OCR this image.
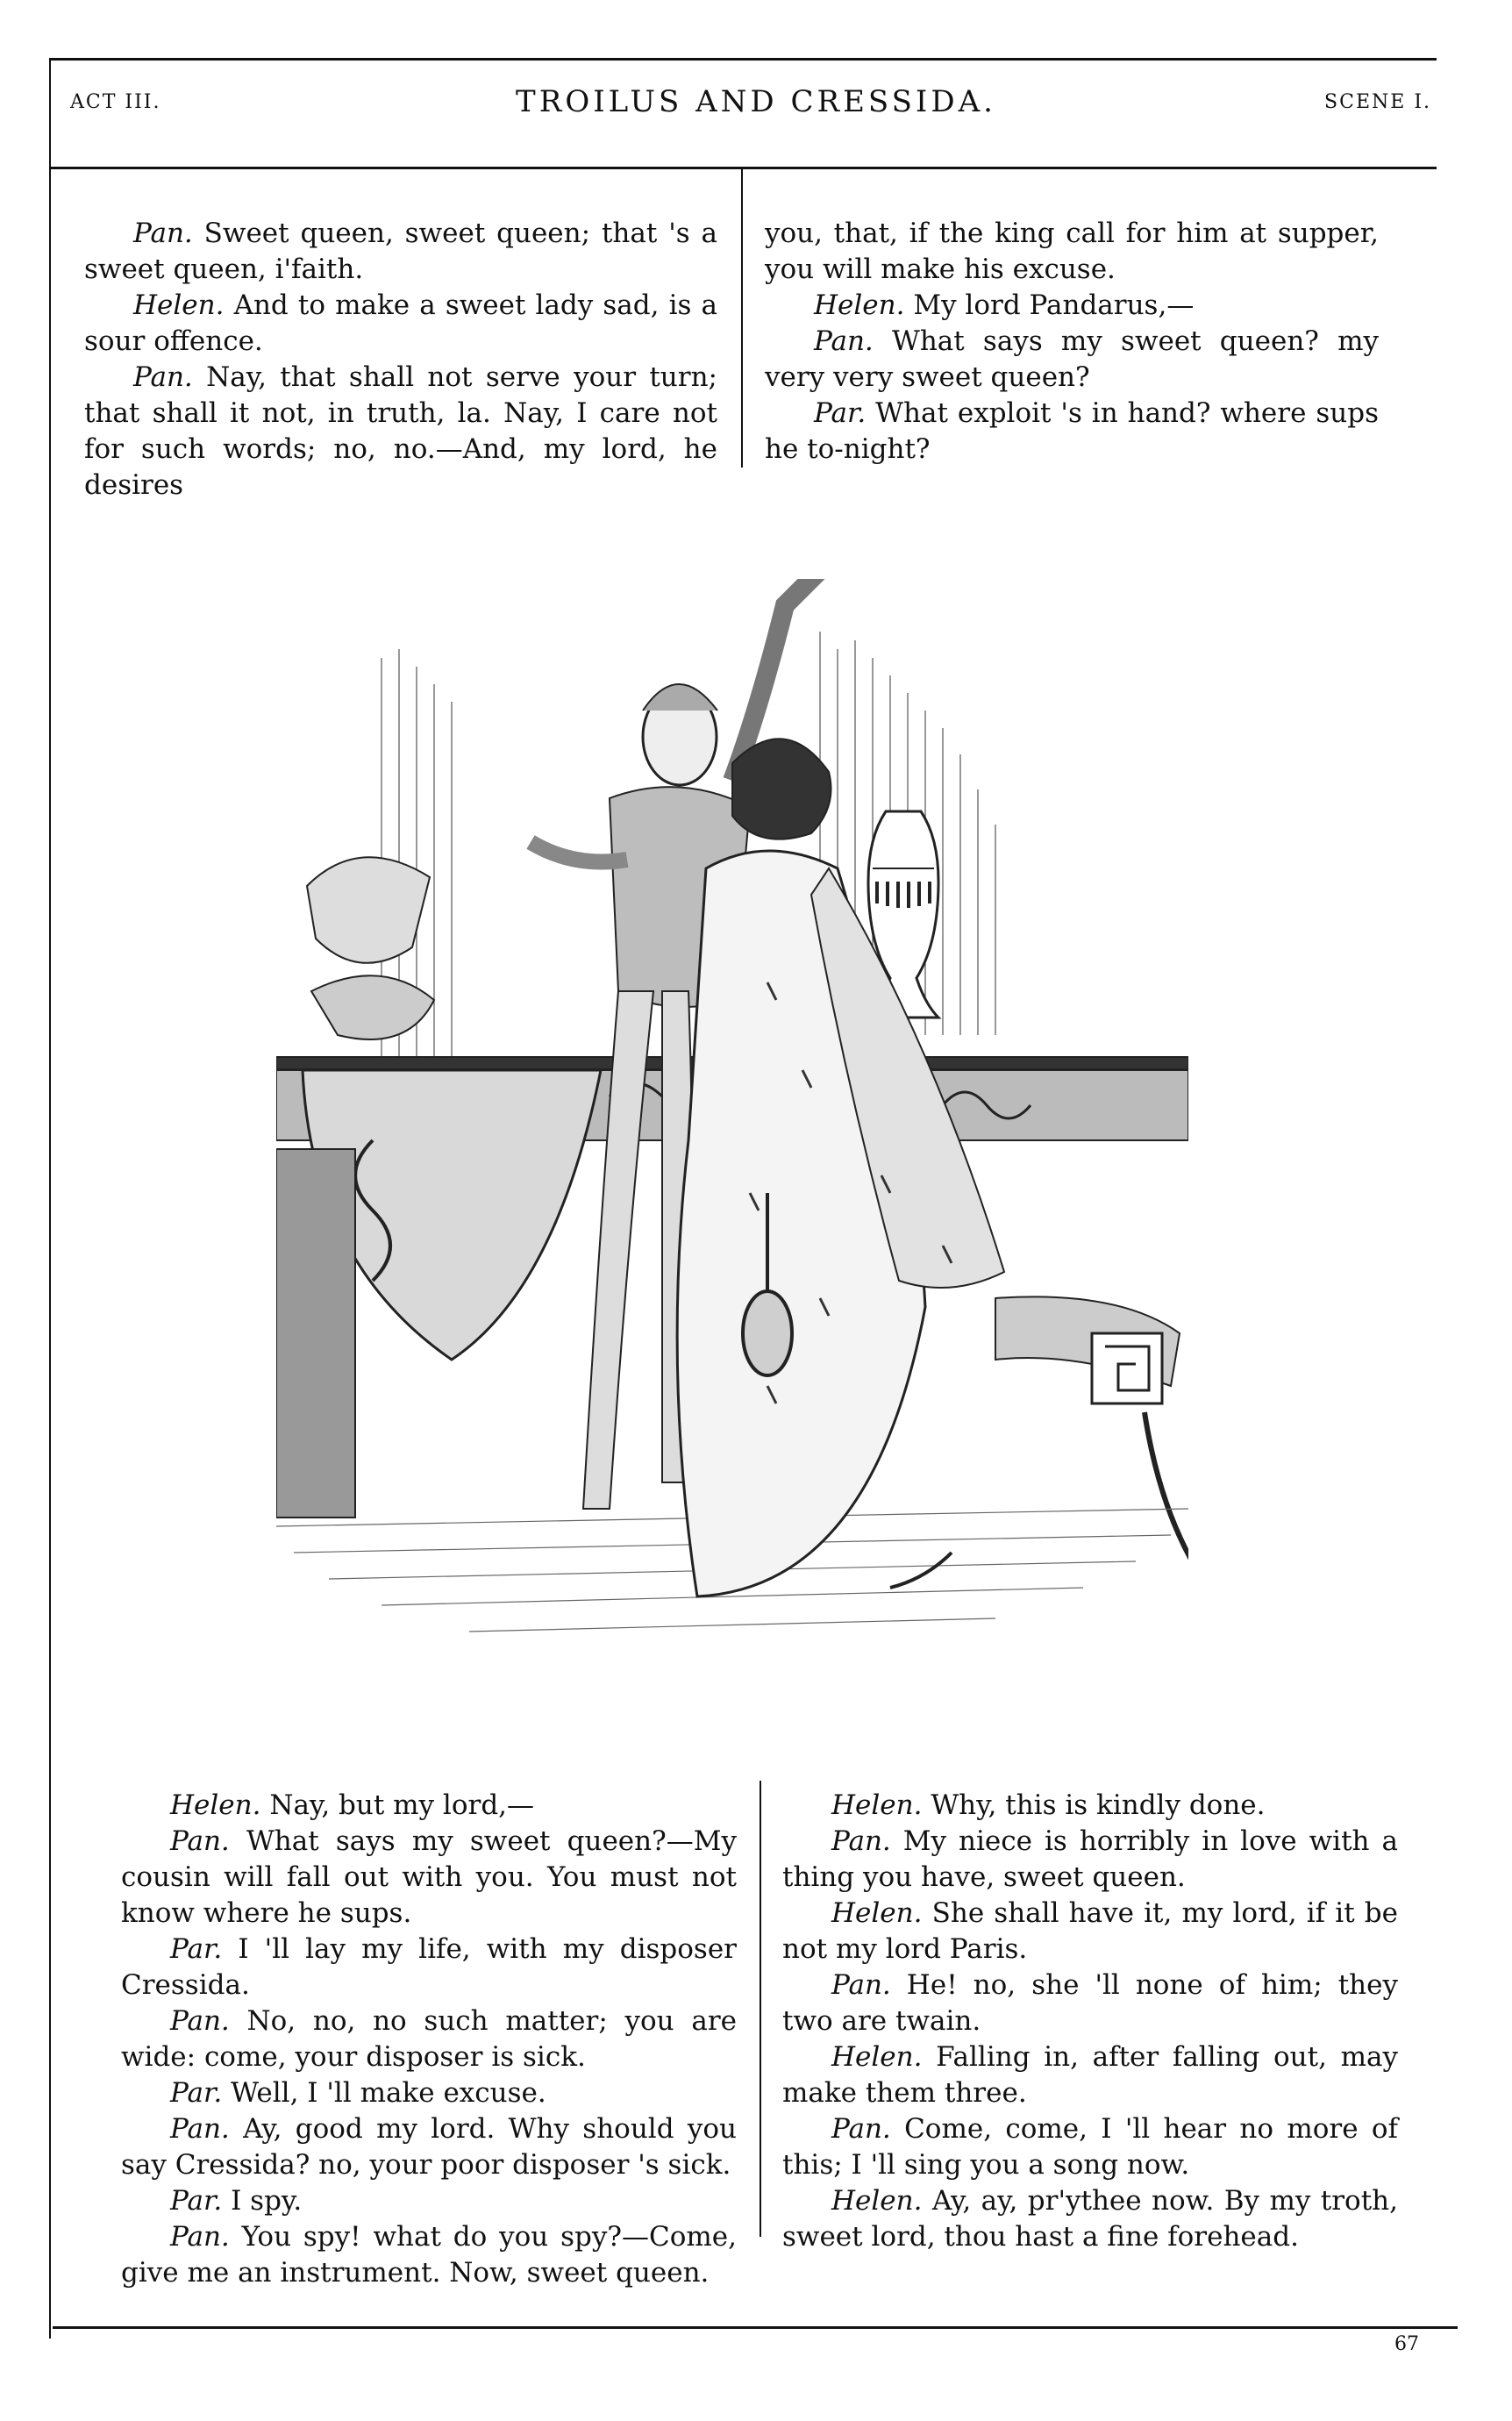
ACT III.	TROILUS AND CRESSIDA.	SCENE I.

Pan. Sweet queen, sweet queen; that 's a sweet queen, i'faith.

Helen. And to make a sweet lady sad, is a sour offence.

Pan. Nay, that shall not serve your turn; that shall it not, in truth, la. Nay, I care not for such words; no, no.—And, my lord, he desires

you, that, if the king call for him at supper, you will make his excuse.

Helen. My lord Pandarus,—

Pan. What says my sweet queen? my very very sweet queen?

Par. What exploit 's in hand? where sups he to-night?

Helen. Nay, but my lord,—

Pan. What says my sweet queen?—My cousin will fall out with you. You must not know where he sups.

Par. I 'll lay my life, with my disposer Cressida.

Pan. No, no, no such matter; you are wide: come, your disposer is sick.

Par. Well, I 'll make excuse.

Pan. Ay, good my lord. Why should you say Cressida? no, your poor disposer 's sick.

Par. I spy.

Pan. You spy! what do you spy?—Come, give me an instrument. Now, sweet queen.

Helen. Why, this is kindly done.

Pan. My niece is horribly in love with a thing you have, sweet queen.

Helen. She shall have it, my lord, if it be not my lord Paris.

Pan. He! no, she 'll none of him; they two are twain.

Helen. Falling in, after falling out, may make them three.

Pan. Come, come, I 'll hear no more of this; I 'll sing you a song now.

Helen. Ay, ay, pr'ythee now. By my troth, sweet lord, thou hast a fine forehead.

67
